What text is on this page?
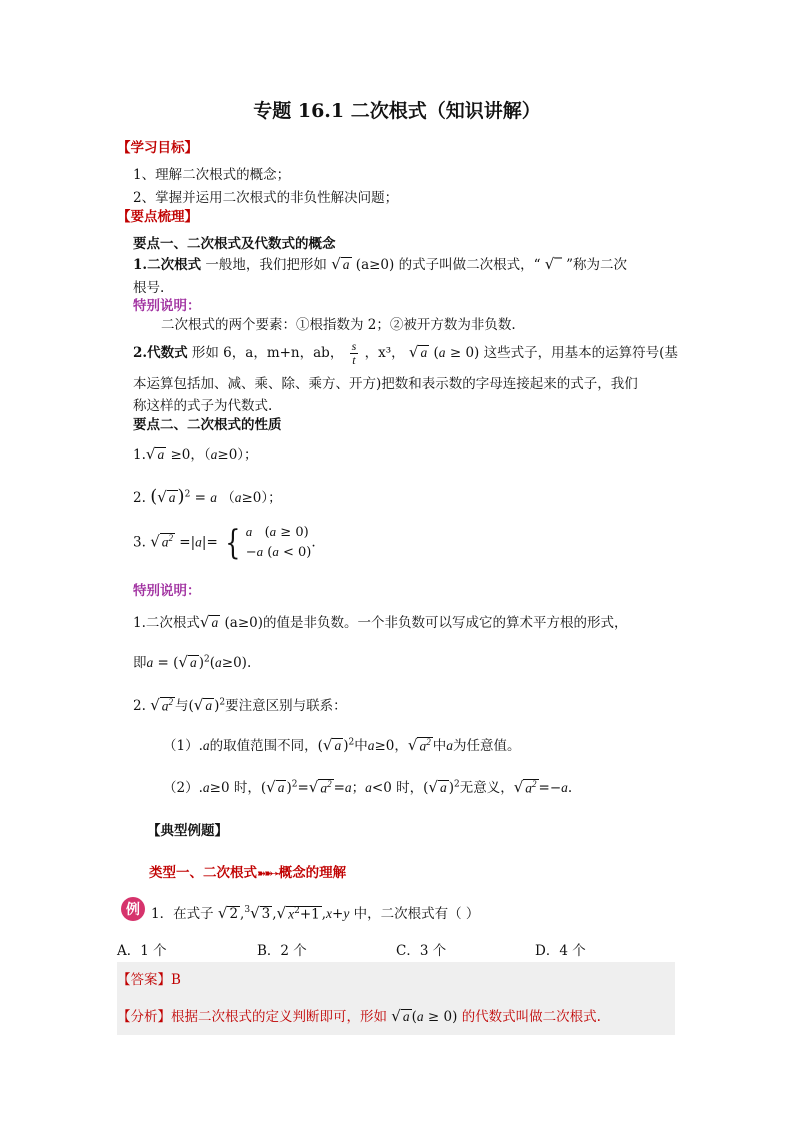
专题 16.1 二次根式（知识讲解）
【学习目标】
1、理解二次根式的概念；
2、掌握并运用二次根式的非负性解决问题；
【要点梳理】
要点一、二次根式及代数式的概念
1.二次根式 一般地，我们把形如 √ a (a≥0) 的式子叫做二次根式，“ √‾ ”称为二次
根号.
特别说明：
二次根式的两个要素：①根指数为 2；②被开方数为非负数.
2.代数式 形如 6，a，m+n，ab， $\frac{s}{t}$ ，x³， √ a (a ≥ 0) 这些式子，用基本的运算符号(基
本运算包括加、减、乘、除、乘方、开方)把数和表示数的字母连接起来的式子，我们
称这样的式子为代数式.
要点二、二次根式的性质
1.√ a ≥0，（a≥0）；
2. (√ a )$^2$ = a （a≥0）；
3. √ $a^2 =|a|=$ { a   (a ≥ 0)
−a (a < 0)
.
特别说明：
1.二次根式√ a (a≥0)的值是非负数。一个非负数可以写成它的算术平方根的形式，
即a = (√ a )$^2$(a≥0).
2. √ $a^2$ 与(√ a )$^2$要注意区别与联系：
（1）.a的取值范围不同，(√ a )$^2$中a≥0，√ $a^2$ 中a为任意值。
（2）.a≥0 时，(√ a )$^2$=√ $a^2 =a$；a<0 时，(√ a )$^2$无意义，√ $a^2 =-a$.
【典型例题】
类型一、二次根式➽➽➛概念的理解
例 1．在式子 √ 2 ,$^3$√ 3 ,√ $x^2+1$ ,x+y 中，二次根式有（ ）
A．1 个	B．2 个	C．3 个	D．4 个
【答案】B
【分析】根据二次根式的定义判断即可，形如 √ a (a ≥ 0) 的代数式叫做二次根式.
